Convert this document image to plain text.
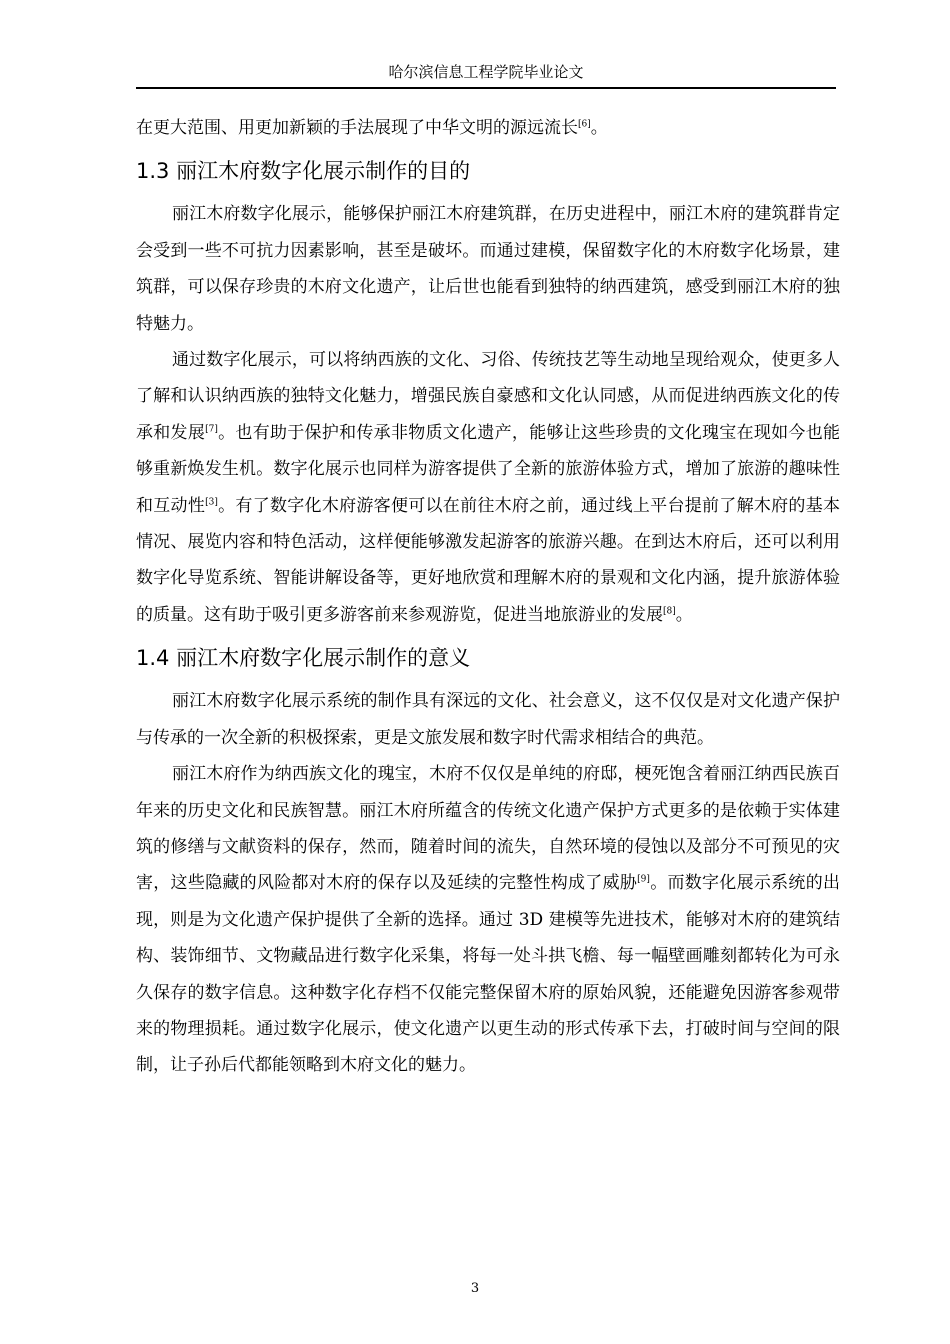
哈尔滨信息工程学院毕业论文

在更大范围、用更加新颖的手法展现了中华文明的源远流长[6]。

1.3 丽江木府数字化展示制作的目的

丽江木府数字化展示，能够保护丽江木府建筑群，在历史进程中，丽江木府的建筑群肯定会受到一些不可抗力因素影响，甚至是破坏。而通过建模，保留数字化的木府数字化场景，建筑群，可以保存珍贵的木府文化遗产，让后世也能看到独特的纳西建筑，感受到丽江木府的独特魅力。

通过数字化展示，可以将纳西族的文化、习俗、传统技艺等生动地呈现给观众，使更多人了解和认识纳西族的独特文化魅力，增强民族自豪感和文化认同感，从而促进纳西族文化的传承和发展[7]。也有助于保护和传承非物质文化遗产，能够让这些珍贵的文化瑰宝在现如今也能够重新焕发生机。数字化展示也同样为游客提供了全新的旅游体验方式，增加了旅游的趣味性和互动性[3]。有了数字化木府游客便可以在前往木府之前，通过线上平台提前了解木府的基本情况、展览内容和特色活动，这样便能够激发起游客的旅游兴趣。在到达木府后，还可以利用数字化导览系统、智能讲解设备等，更好地欣赏和理解木府的景观和文化内涵，提升旅游体验的质量。这有助于吸引更多游客前来参观游览，促进当地旅游业的发展[8]。

1.4 丽江木府数字化展示制作的意义

丽江木府数字化展示系统的制作具有深远的文化、社会意义，这不仅仅是对文化遗产保护与传承的一次全新的积极探索，更是文旅发展和数字时代需求相结合的典范。

丽江木府作为纳西族文化的瑰宝，木府不仅仅是单纯的府邸，梗死饱含着丽江纳西民族百年来的历史文化和民族智慧。丽江木府所蕴含的传统文化遗产保护方式更多的是依赖于实体建筑的修缮与文献资料的保存，然而，随着时间的流失，自然环境的侵蚀以及部分不可预见的灾害，这些隐藏的风险都对木府的保存以及延续的完整性构成了威胁[9]。而数字化展示系统的出现，则是为文化遗产保护提供了全新的选择。通过 3D 建模等先进技术，能够对木府的建筑结构、装饰细节、文物藏品进行数字化采集，将每一处斗拱飞檐、每一幅壁画雕刻都转化为可永久保存的数字信息。这种数字化存档不仅能完整保留木府的原始风貌，还能避免因游客参观带来的物理损耗。通过数字化展示，使文化遗产以更生动的形式传承下去，打破时间与空间的限制，让子孙后代都能领略到木府文化的魅力。

3
